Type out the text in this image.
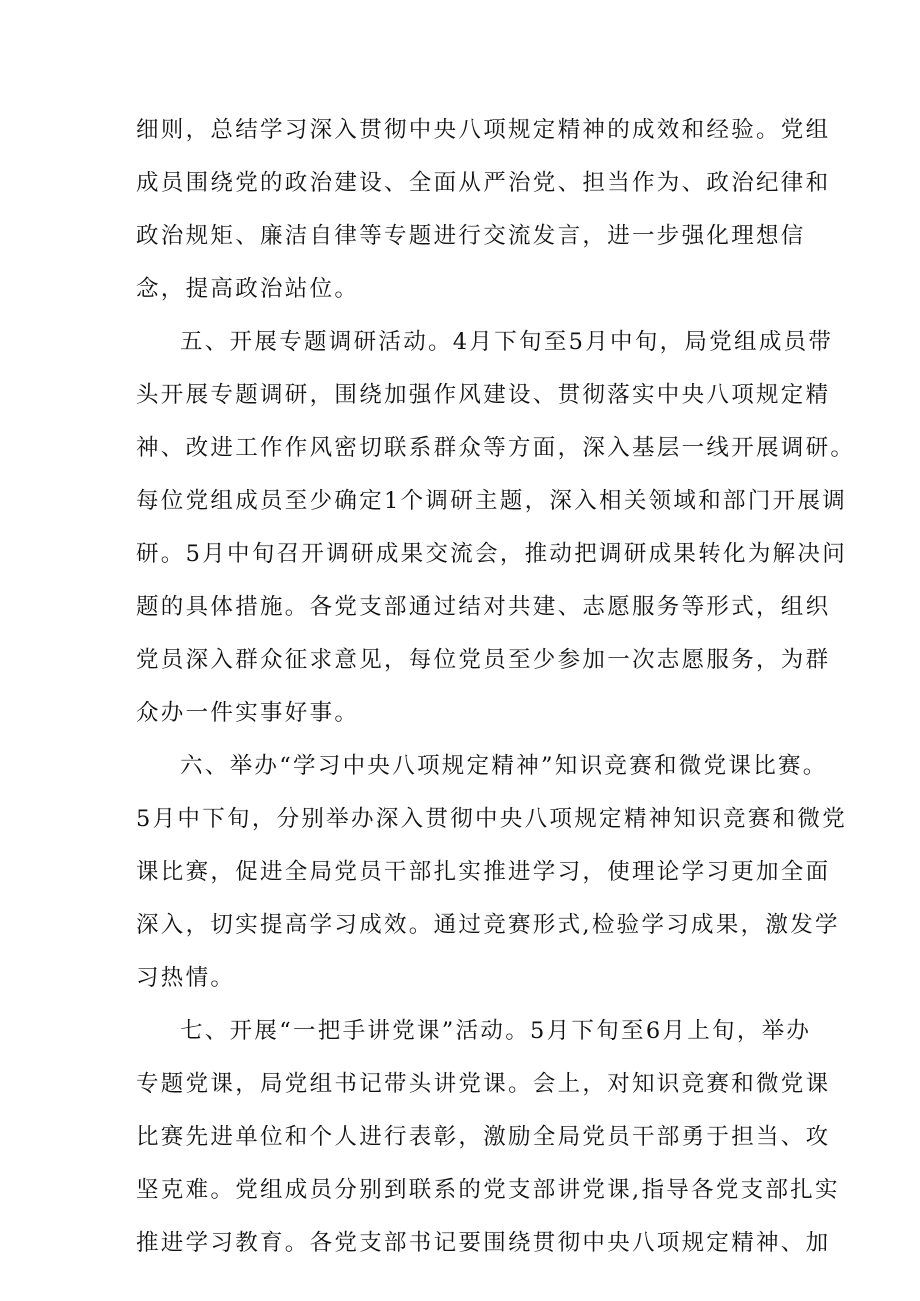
细则，总结学习深入贯彻中央八项规定精神的成效和经验。党组
成员围绕党的政治建设、全面从严治党、担当作为、政治纪律和
政治规矩、廉洁自律等专题进行交流发言，进一步强化理想信
念，提高政治站位。
五、开展专题调研活动。4月下旬至5月中旬，局党组成员带
头开展专题调研，围绕加强作风建设、贯彻落实中央八项规定精
神、改进工作作风密切联系群众等方面，深入基层一线开展调研。
每位党组成员至少确定1个调研主题，深入相关领域和部门开展调
研。5月中旬召开调研成果交流会，推动把调研成果转化为解决问
题的具体措施。各党支部通过结对共建、志愿服务等形式，组织
党员深入群众征求意见，每位党员至少参加一次志愿服务，为群
众办一件实事好事。
六、举办“学习中央八项规定精神”知识竞赛和微党课比赛。
5月中下旬，分别举办深入贯彻中央八项规定精神知识竞赛和微党
课比赛，促进全局党员干部扎实推进学习，使理论学习更加全面
深入，切实提高学习成效。通过竞赛形式,检验学习成果，激发学
习热情。
七、开展“一把手讲党课”活动。5月下旬至6月上旬，举办
专题党课，局党组书记带头讲党课。会上，对知识竞赛和微党课
比赛先进单位和个人进行表彰，激励全局党员干部勇于担当、攻
坚克难。党组成员分别到联系的党支部讲党课,指导各党支部扎实
推进学习教育。各党支部书记要围绕贯彻中央八项规定精神、加
